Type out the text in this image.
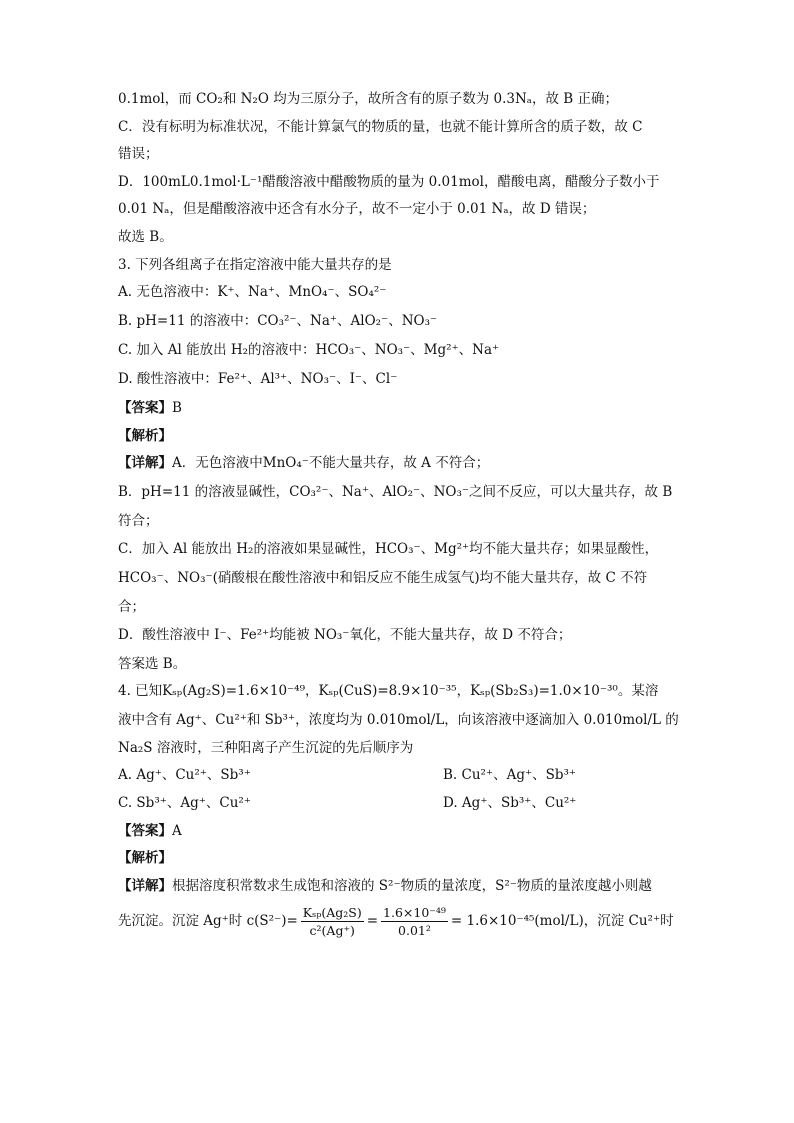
0.1mol，而 CO₂和 N₂O 均为三原分子，故所含有的原子数为 0.3Nₐ，故 B 正确；
C．没有标明为标准状况，不能计算氯气的物质的量，也就不能计算所含的质子数，故 C
错误；
D．100mL0.1mol·L⁻¹醋酸溶液中醋酸物质的量为 0.01mol，醋酸电离，醋酸分子数小于
0.01 Nₐ，但是醋酸溶液中还含有水分子，故不一定小于 0.01 Nₐ，故 D 错误；
故选 B。
3. 下列各组离子在指定溶液中能大量共存的是
A. 无色溶液中：K⁺、Na⁺、MnO₄⁻、SO₄²⁻
B. pH=11 的溶液中：CO₃²⁻、Na⁺、AlO₂⁻、NO₃⁻
C. 加入 Al 能放出 H₂的溶液中：HCO₃⁻、NO₃⁻、Mg²⁺、Na⁺
D. 酸性溶液中：Fe²⁺、Al³⁺、NO₃⁻、I⁻、Cl⁻
【答案】B
【解析】
【详解】A．无色溶液中MnO₄⁻不能大量共存，故 A 不符合；
B．pH=11 的溶液显碱性，CO₃²⁻、Na⁺、AlO₂⁻、NO₃⁻之间不反应，可以大量共存，故 B
符合；
C．加入 Al 能放出 H₂的溶液如果显碱性，HCO₃⁻、Mg²⁺均不能大量共存；如果显酸性，
HCO₃⁻、NO₃⁻(硝酸根在酸性溶液中和铝反应不能生成氢气)均不能大量共存，故 C 不符
合；
D．酸性溶液中 I⁻、Fe²⁺均能被 NO₃⁻氧化，不能大量共存，故 D 不符合；
答案选 B。
4. 已知Kₛₚ(Ag₂S)=1.6×10⁻⁴⁹，Kₛₚ(CuS)=8.9×10⁻³⁵，Kₛₚ(Sb₂S₃)=1.0×10⁻³⁰。某溶
液中含有 Ag⁺、Cu²⁺和 Sb³⁺，浓度均为 0.010mol/L，向该溶液中逐滴加入 0.010mol/L 的
Na₂S 溶液时，三种阳离子产生沉淀的先后顺序为
A. Ag⁺、Cu²⁺、Sb³⁺	B. Cu²⁺、Ag⁺、Sb³⁺
C. Sb³⁺、Ag⁺、Cu²⁺	D. Ag⁺、Sb³⁺、Cu²⁺
【答案】A
【解析】
【详解】根据溶度积常数求生成饱和溶液的 S²⁻物质的量浓度，S²⁻物质的量浓度越小则越
先沉淀。沉淀 Ag⁺时 $c(S^{2-})= \frac{\text{Kₛₚ(Ag₂S)}}{\text{c²(Ag⁺)}} = \frac{\text{1.6×10⁻⁴⁹}}{\text{0.01²}} = 1.6\times 10^{-45}(mol/L)$，沉淀 Cu²⁺时
